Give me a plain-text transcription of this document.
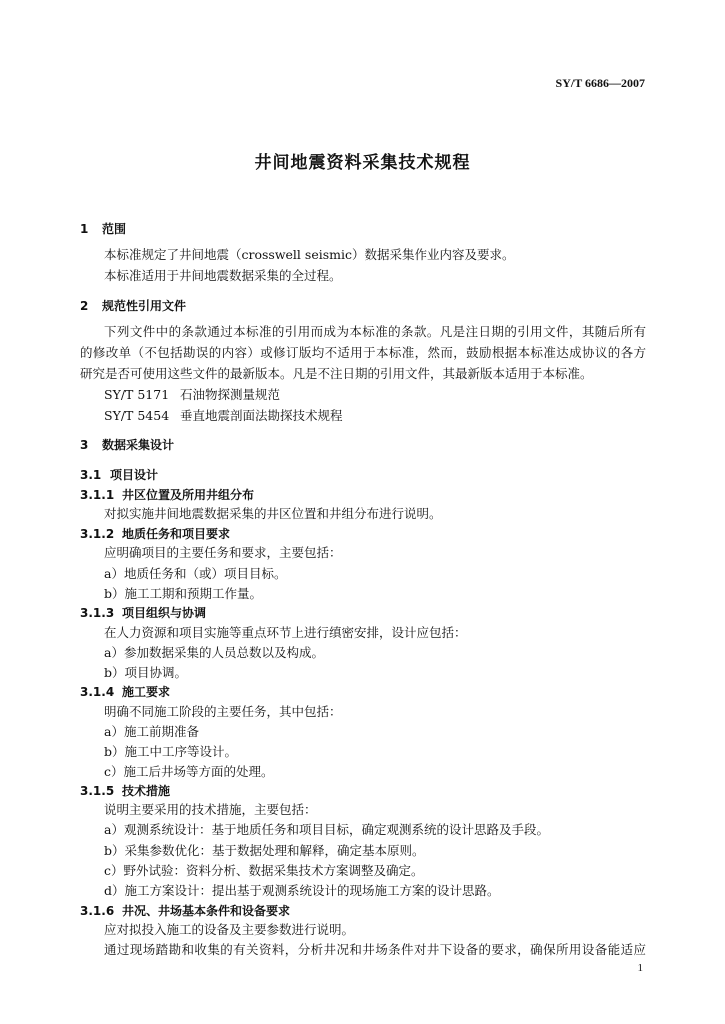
SY/T 6686—2007
井间地震资料采集技术规程
1 范围
本标准规定了井间地震（crosswell seismic）数据采集作业内容及要求。
本标准适用于井间地震数据采集的全过程。
2 规范性引用文件
下列文件中的条款通过本标准的引用而成为本标准的条款。凡是注日期的引用文件，其随后所有
的修改单（不包括勘误的内容）或修订版均不适用于本标准，然而，鼓励根据本标准达成协议的各方
研究是否可使用这些文件的最新版本。凡是不注日期的引用文件，其最新版本适用于本标准。
SY/T 5171 石油物探测量规范
SY/T 5454 垂直地震剖面法勘探技术规程
3 数据采集设计
3.1 项目设计
3.1.1 井区位置及所用井组分布
对拟实施井间地震数据采集的井区位置和井组分布进行说明。
3.1.2 地质任务和项目要求
应明确项目的主要任务和要求，主要包括：
a）地质任务和（或）项目目标。
b）施工工期和预期工作量。
3.1.3 项目组织与协调
在人力资源和项目实施等重点环节上进行缜密安排，设计应包括：
a）参加数据采集的人员总数以及构成。
b）项目协调。
3.1.4 施工要求
明确不同施工阶段的主要任务，其中包括：
a）施工前期准备
b）施工中工序等设计。
c）施工后井场等方面的处理。
3.1.5 技术措施
说明主要采用的技术措施，主要包括：
a）观测系统设计：基于地质任务和项目目标，确定观测系统的设计思路及手段。
b）采集参数优化：基于数据处理和解释，确定基本原则。
c）野外试验：资料分析、数据采集技术方案调整及确定。
d）施工方案设计：提出基于观测系统设计的现场施工方案的设计思路。
3.1.6 井况、井场基本条件和设备要求
应对拟投入施工的设备及主要参数进行说明。
通过现场踏勘和收集的有关资料，分析井况和井场条件对井下设备的要求，确保所用设备能适应
1
